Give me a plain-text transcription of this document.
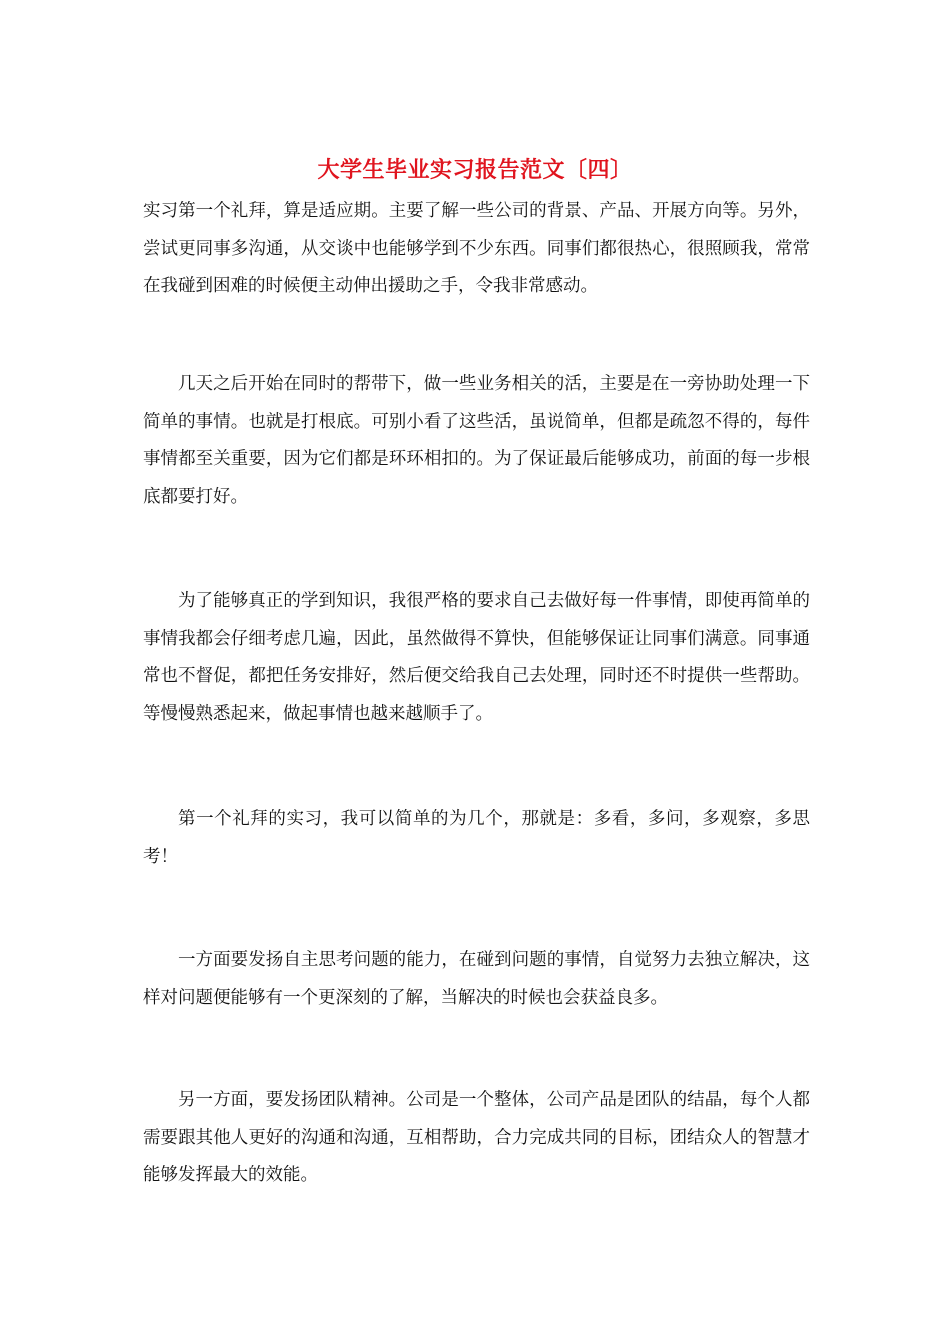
大学生毕业实习报告范文〔四〕

实习第一个礼拜，算是适应期。主要了解一些公司的背景、产品、开展方向等。另外，尝试更同事多沟通，从交谈中也能够学到不少东西。同事们都很热心，很照顾我，常常在我碰到困难的时候便主动伸出援助之手，令我非常感动。

几天之后开始在同时的帮带下，做一些业务相关的活，主要是在一旁协助处理一下简单的事情。也就是打根底。可别小看了这些活，虽说简单，但都是疏忽不得的，每件事情都至关重要，因为它们都是环环相扣的。为了保证最后能够成功，前面的每一步根底都要打好。

为了能够真正的学到知识，我很严格的要求自己去做好每一件事情，即使再简单的事情我都会仔细考虑几遍，因此，虽然做得不算快，但能够保证让同事们满意。同事通常也不督促，都把任务安排好，然后便交给我自己去处理，同时还不时提供一些帮助。等慢慢熟悉起来，做起事情也越来越顺手了。

第一个礼拜的实习，我可以简单的为几个，那就是：多看，多问，多观察，多思考！

一方面要发扬自主思考问题的能力，在碰到问题的事情，自觉努力去独立解决，这样对问题便能够有一个更深刻的了解，当解决的时候也会获益良多。

另一方面，要发扬团队精神。公司是一个整体，公司产品是团队的结晶，每个人都需要跟其他人更好的沟通和沟通，互相帮助，合力完成共同的目标，团结众人的智慧才能够发挥最大的效能。
